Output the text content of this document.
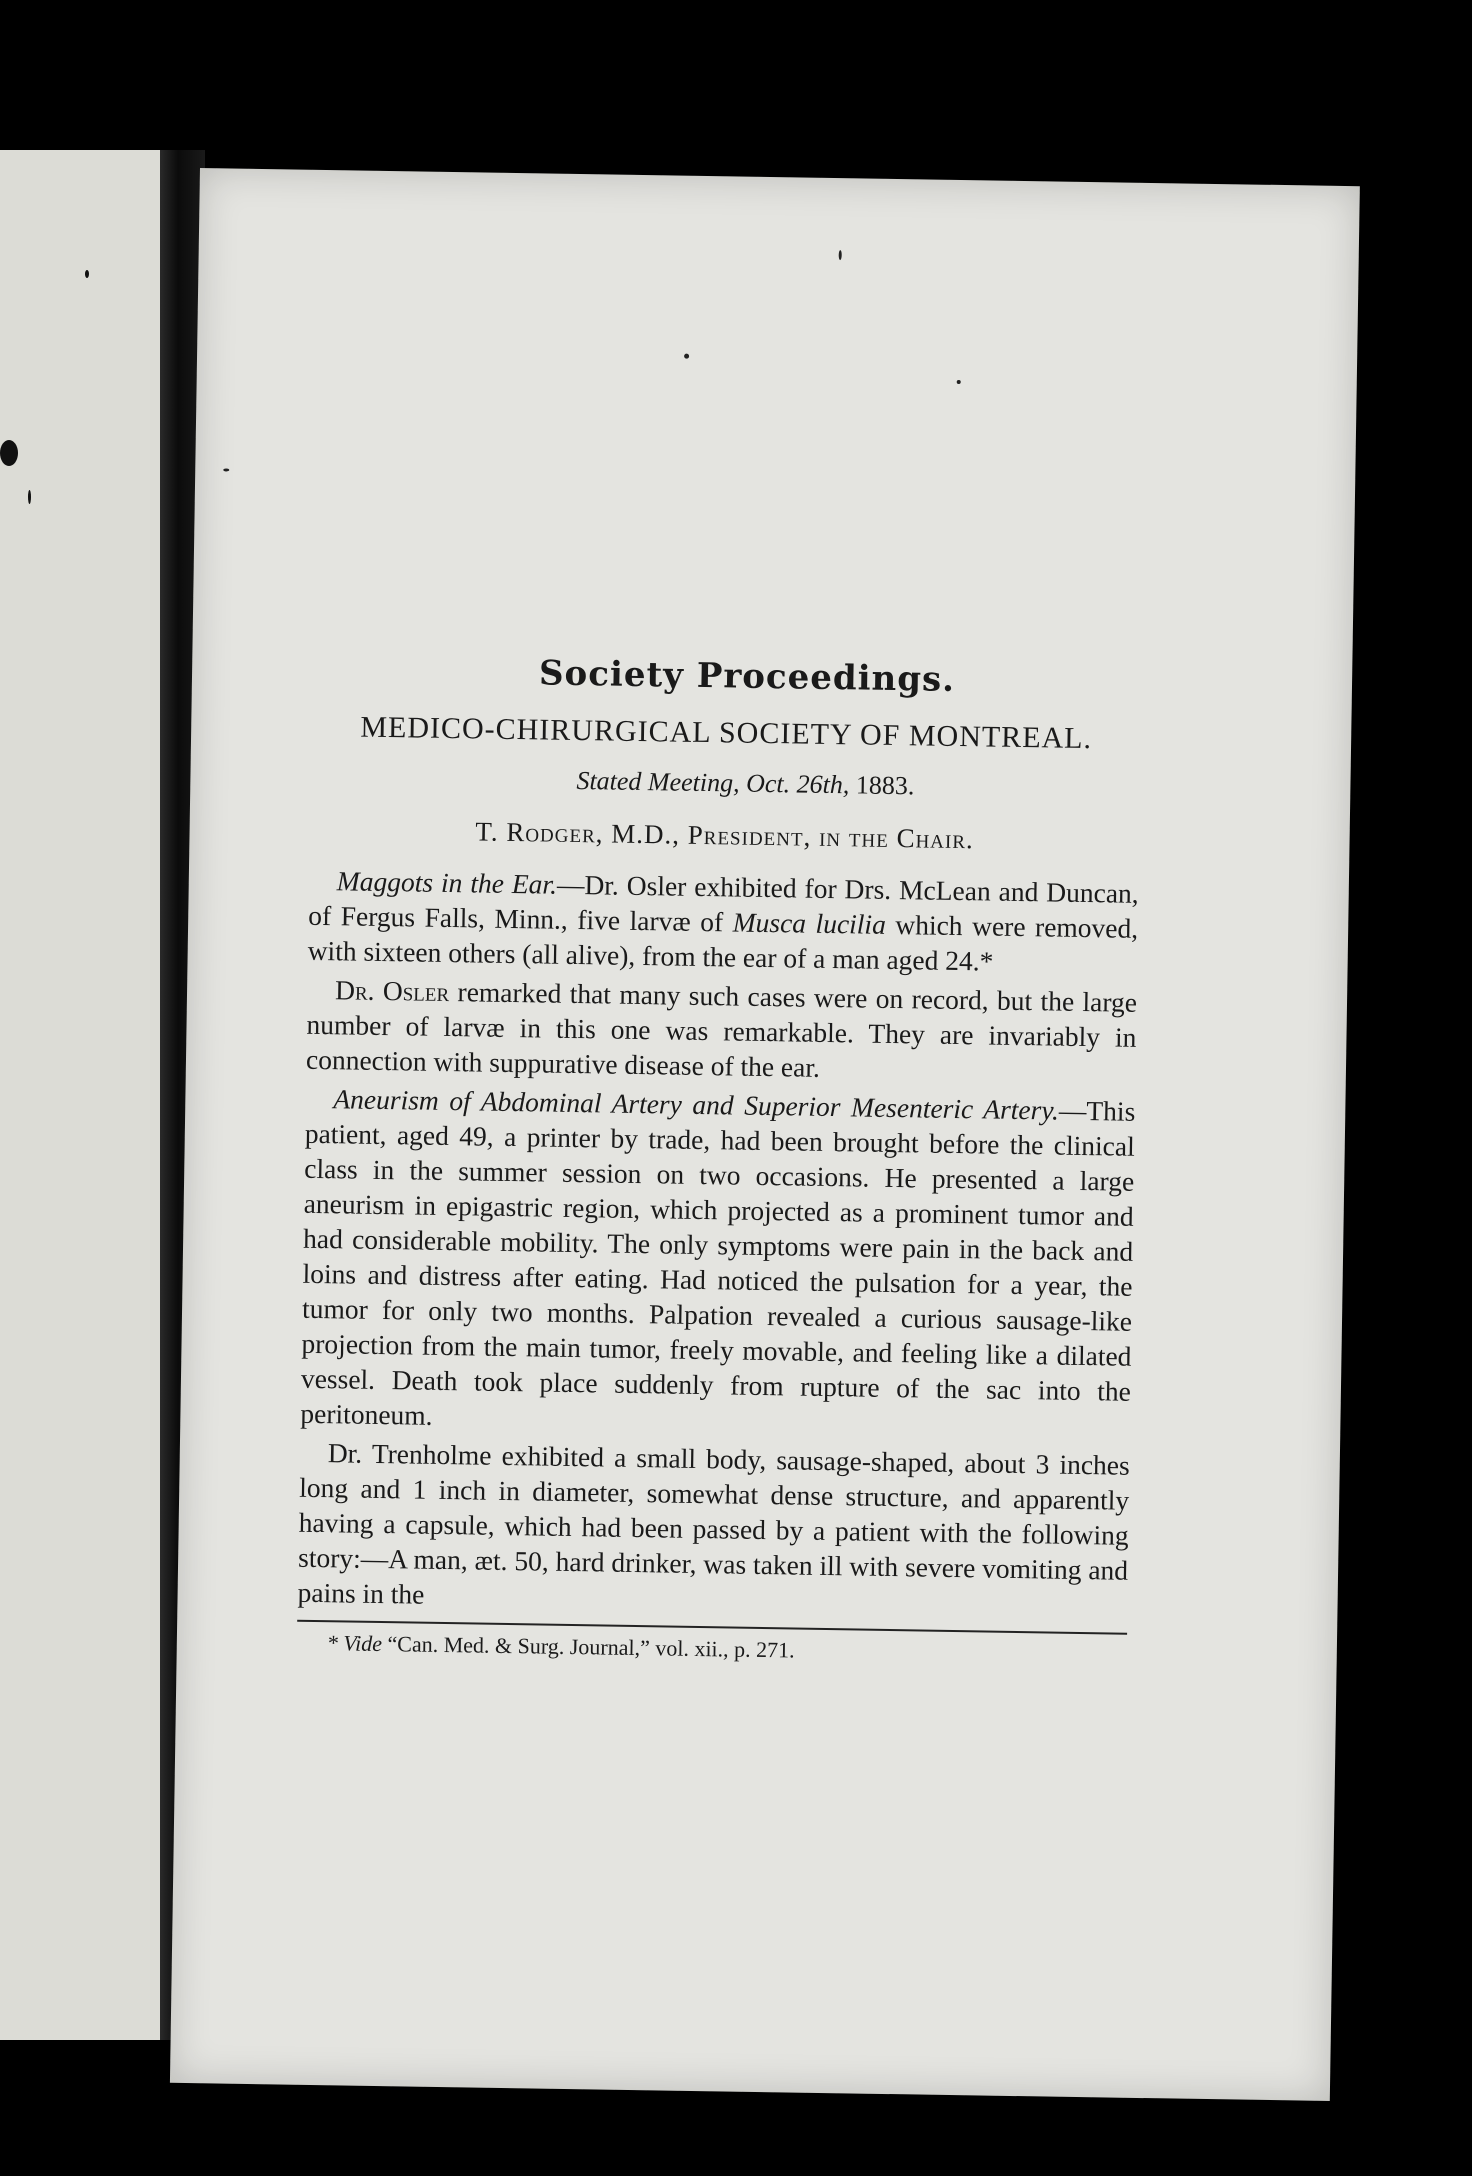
Society Proceedings.
MEDICO-CHIRURGICAL SOCIETY OF MONTREAL.
Stated Meeting, Oct. 26th, 1883.
T. Rodger, M.D., President, in the Chair.

Maggots in the Ear.—Dr. Osler exhibited for Drs. McLean and Duncan, of Fergus Falls, Minn., five larvæ of Musca lucilia which were removed, with sixteen others (all alive), from the ear of a man aged 24.*

Dr. Osler remarked that many such cases were on record, but the large number of larvæ in this one was remarkable. They are invariably in connection with suppurative disease of the ear.

Aneurism of Abdominal Artery and Superior Mesenteric Artery.—This patient, aged 49, a printer by trade, had been brought before the clinical class in the summer session on two occasions. He presented a large aneurism in epigastric region, which projected as a prominent tumor and had considerable mobility. The only symptoms were pain in the back and loins and distress after eating. Had noticed the pulsation for a year, the tumor for only two months. Palpation revealed a curious sausage-like projection from the main tumor, freely movable, and feeling like a dilated vessel. Death took place suddenly from rupture of the sac into the peritoneum.

Dr. Trenholme exhibited a small body, sausage-shaped, about 3 inches long and 1 inch in diameter, somewhat dense structure, and apparently having a capsule, which had been passed by a patient with the following story:—A man, æt. 50, hard drinker, was taken ill with severe vomiting and pains in the

* Vide “Can. Med. & Surg. Journal,” vol. xii., p. 271.
